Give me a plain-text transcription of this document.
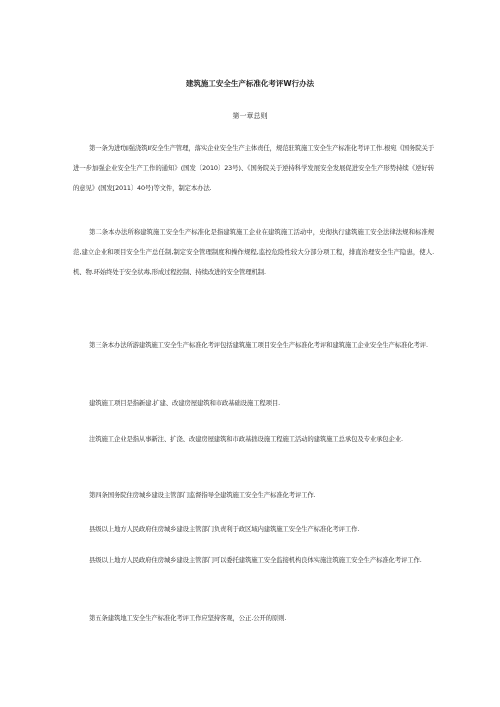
建筑施工安全生产标准化考评W行办法
第一章总则

第一条为进f加强浇筑II安全生产管理，落实企业安全生产主体责任，规范驻筑施工安全生产标准化考评工作.根宛《国务院关于进一步加强企业安全生产工作的通知》(国发〔2010〕23号)、《国务院关于逆持科学发展安全发展促进安全生产形势持续《逆好转的意见》(国发[2011〕40号)等文件，制定本办法.

第二条本办法所称建筑施工安全生产标准化是指建筑施工企业在建筑施工活动中，史彻执行建筑施工安全法律法规和标准规范,建立企业和项目安全生产总任制,制定安全管理制度和操作规程,监控危险性较大分部分项工程，排直治理安全生产隐患，使人.机、物.环始终处于安全状毒,形成过程控制、持续改进的安全管理机制.

第三条本办法所游建筑施工安全生产标准化考评包括建筑施工项目安全生产标准化考评和建筑施工企业安全生产标准化考评.

建筑施工项目是指新建.扩建、改建房屋建筑和市政基础设施工程项目.

注筑施工企业是指从事新注、扩浇、改建房屋建筑和市政基拙设施工程施工活动的建筑施工总承包及专业承包企业.

第四条国务院住房城乡建设主管部门监督指导全建筑施工安全生产标准化考评工作.

县级以上地方人民政府住房城乡建设主管部门负责利于政区域内建筑施工安全生产标准化考评工作.

县级以上地方人民政府住房城乡建设主管部门可以委托建筑施工安全监接机构良体实施注筑施工安全生产标准化考评工作.

第五条建筑地工安全生产标准化考评工作应坚持客观，公正.公开的原则.
